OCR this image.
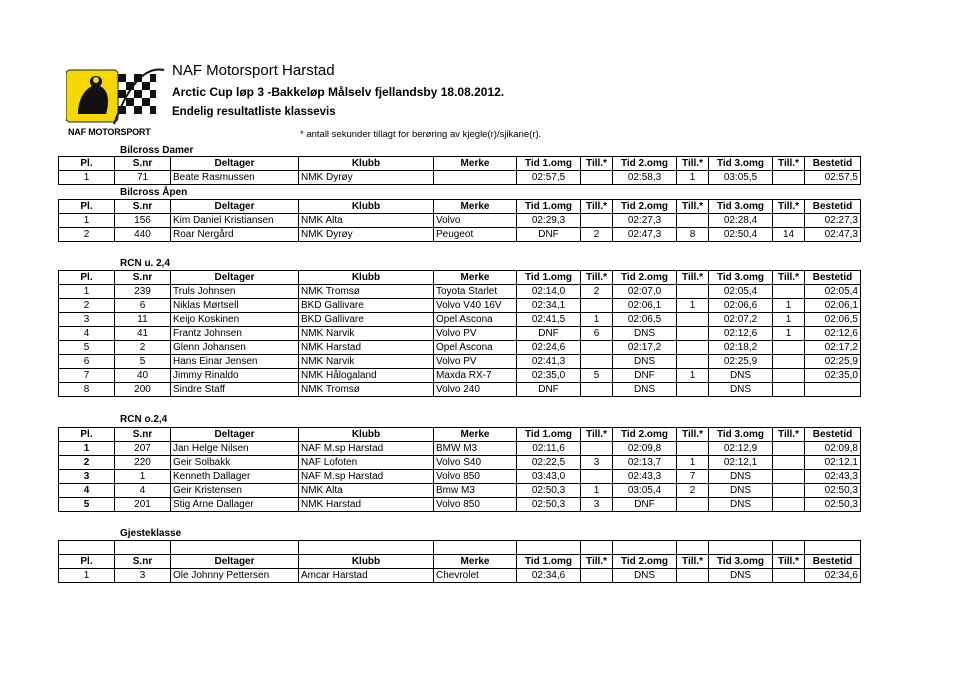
NAF MOTORSPORT
NAF Motorsport Harstad
Arctic Cup løp 3 -Bakkeløp Målselv fjellandsby 18.08.2012.
Endelig resultatliste klassevis
* antall sekunder tillagt for berøring av kjegle(r)/sjikane(r).
Bilcross Damer
Pl.	S.nr	Deltager	Klubb	Merke	Tid 1.omg	Till.*	Tid 2.omg	Till.*	Tid 3.omg	Till.*	Bestetid
1	71	Beate Rasmussen	NMK Dyrøy		02:57,5		02:58,3	1	03:05,5		02:57,5
Bilcross Åpen
Pl.	S.nr	Deltager	Klubb	Merke	Tid 1.omg	Till.*	Tid 2.omg	Till.*	Tid 3.omg	Till.*	Bestetid
1	156	Kim Daniel Kristiansen	NMK Alta	Volvo	02:29,3		02:27,3		02:28,4		02:27,3
2	440	Roar Nergård	NMK Dyrøy	Peugeot	DNF	2	02:47,3	8	02:50,4	14	02:47,3
RCN u. 2,4
Pl.	S.nr	Deltager	Klubb	Merke	Tid 1.omg	Till.*	Tid 2.omg	Till.*	Tid 3.omg	Till.*	Bestetid
1	239	Truls Johnsen	NMK Tromsø	Toyota Starlet	02:14,0	2	02:07,0		02:05,4		02:05,4
2	6	Niklas Mørtsell	BKD Gallivare	Volvo V40 16V	02:34,1		02:06,1	1	02:06,6	1	02:06,1
3	11	Keijo Koskinen	BKD Gallivare	Opel Ascona	02:41,5	1	02:06,5		02:07,2	1	02:06,5
4	41	Frantz Johnsen	NMK Narvik	Volvo PV	DNF	6	DNS		02:12,6	1	02:12,6
5	2	Glenn Johansen	NMK Harstad	Opel Ascona	02:24,6		02:17,2		02:18,2		02:17,2
6	5	Hans Einar Jensen	NMK Narvik	Volvo PV	02:41,3		DNS		02:25,9		02:25,9
7	40	Jimmy Rinaldo	NMK Hålogaland	Maxda RX-7	02:35,0	5	DNF	1	DNS		02:35,0
8	200	Sindre Staff	NMK Tromsø	Volvo 240	DNF		DNS		DNS		
RCN o.2,4
Pl.	S.nr	Deltager	Klubb	Merke	Tid 1.omg	Till.*	Tid 2.omg	Till.*	Tid 3.omg	Till.*	Bestetid
1	207	Jan Helge Nilsen	NAF M.sp Harstad	BMW M3	02:11,6		02:09,8		02:12,9		02:09,8
2	220	Geir Solbakk	NAF Lofoten	Volvo S40	02:22,5	3	02:13,7	1	02:12,1		02:12,1
3	1	Kenneth Dallager	NAF M.sp Harstad	Volvo 850	03:43,0		02:43,3	7	DNS		02:43,3
4	4	Geir Kristensen	NMK Alta	Bmw M3	02:50,3	1	03:05,4	2	DNS		02:50,3
5	201	Stig Arne Dallager	NMK Harstad	Volvo 850	02:50,3	3	DNF		DNS		02:50,3
Gjesteklasse

Pl.	S.nr	Deltager	Klubb	Merke	Tid 1.omg	Till.*	Tid 2.omg	Till.*	Tid 3.omg	Till.*	Bestetid
1	3	Ole Johnny Pettersen	Amcar Harstad	Chevrolet	02:34,6		DNS		DNS		02:34,6
